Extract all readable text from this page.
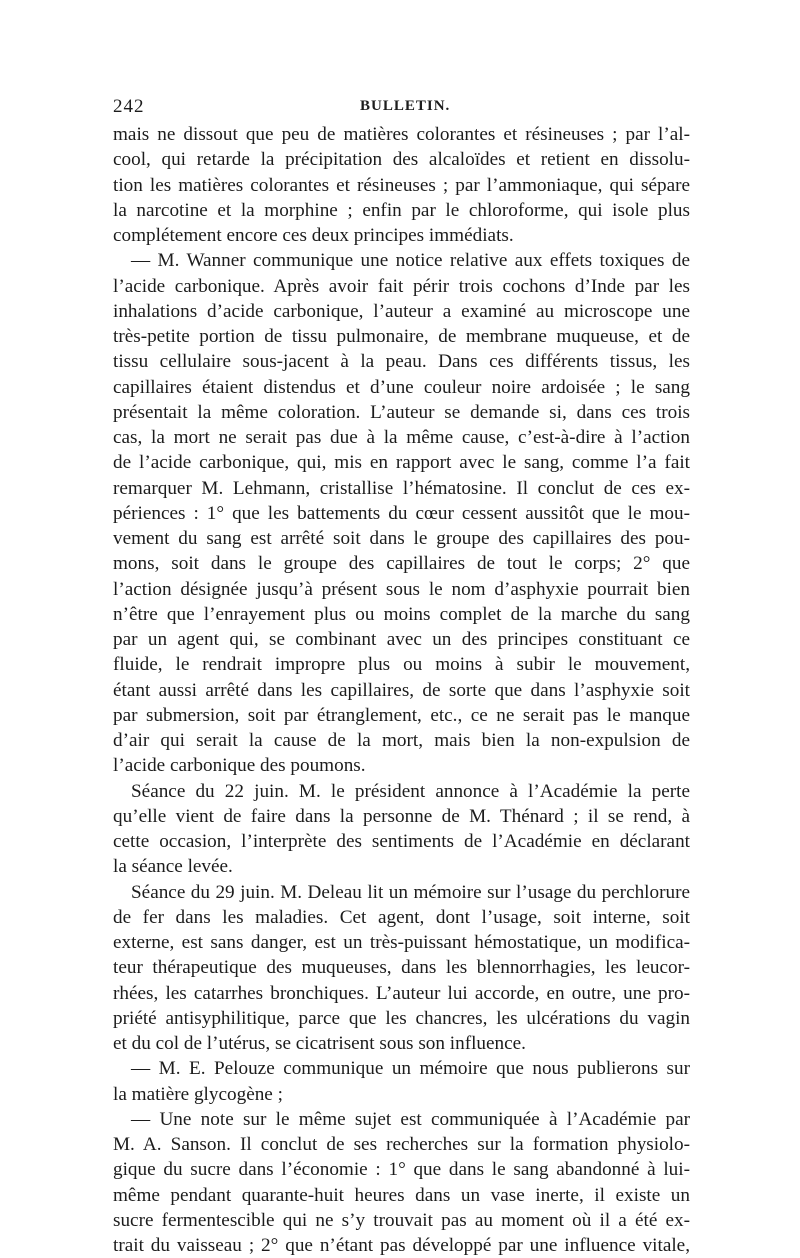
242	BULLETIN.
mais ne dissout que peu de matières colorantes et résineuses ; par l’al-
cool, qui retarde la précipitation des alcaloïdes et retient en dissolu-
tion les matières colorantes et résineuses ; par l’ammoniaque, qui sépare
la narcotine et la morphine ; enfin par le chloroforme, qui isole plus
complétement encore ces deux principes immédiats.
— M. Wanner communique une notice relative aux effets toxiques de
l’acide carbonique. Après avoir fait périr trois cochons d’Inde par les
inhalations d’acide carbonique, l’auteur a examiné au microscope une
très-petite portion de tissu pulmonaire, de membrane muqueuse, et de
tissu cellulaire sous-jacent à la peau. Dans ces différents tissus, les
capillaires étaient distendus et d’une couleur noire ardoisée ; le sang
présentait la même coloration. L’auteur se demande si, dans ces trois
cas, la mort ne serait pas due à la même cause, c’est-à-dire à l’action
de l’acide carbonique, qui, mis en rapport avec le sang, comme l’a fait
remarquer M. Lehmann, cristallise l’hématosine. Il conclut de ces ex-
périences : 1° que les battements du cœur cessent aussitôt que le mou-
vement du sang est arrêté soit dans le groupe des capillaires des pou-
mons, soit dans le groupe des capillaires de tout le corps; 2° que
l’action désignée jusqu’à présent sous le nom d’asphyxie pourrait bien
n’être que l’enrayement plus ou moins complet de la marche du sang
par un agent qui, se combinant avec un des principes constituant ce
fluide, le rendrait impropre plus ou moins à subir le mouvement,
étant aussi arrêté dans les capillaires, de sorte que dans l’asphyxie soit
par submersion, soit par étranglement, etc., ce ne serait pas le manque
d’air qui serait la cause de la mort, mais bien la non-expulsion de
l’acide carbonique des poumons.
Séance du 22 juin. M. le président annonce à l’Académie la perte
qu’elle vient de faire dans la personne de M. Thénard ; il se rend, à
cette occasion, l’interprète des sentiments de l’Académie en déclarant
la séance levée.
Séance du 29 juin. M. Deleau lit un mémoire sur l’usage du perchlorure
de fer dans les maladies. Cet agent, dont l’usage, soit interne, soit
externe, est sans danger, est un très-puissant hémostatique, un modifica-
teur thérapeutique des muqueuses, dans les blennorrhagies, les leucor-
rhées, les catarrhes bronchiques. L’auteur lui accorde, en outre, une pro-
priété antisyphilitique, parce que les chancres, les ulcérations du vagin
et du col de l’utérus, se cicatrisent sous son influence.
— M. E. Pelouze communique un mémoire que nous publierons sur
la matière glycogène ;
— Une note sur le même sujet est communiquée à l’Académie par
M. A. Sanson. Il conclut de ses recherches sur la formation physiolo-
gique du sucre dans l’économie : 1° que dans le sang abandonné à lui-
même pendant quarante-huit heures dans un vase inerte, il existe un
sucre fermentescible qui ne s’y trouvait pas au moment où il a été ex-
trait du vaisseau ; 2° que n’étant pas développé par une influence vitale,
